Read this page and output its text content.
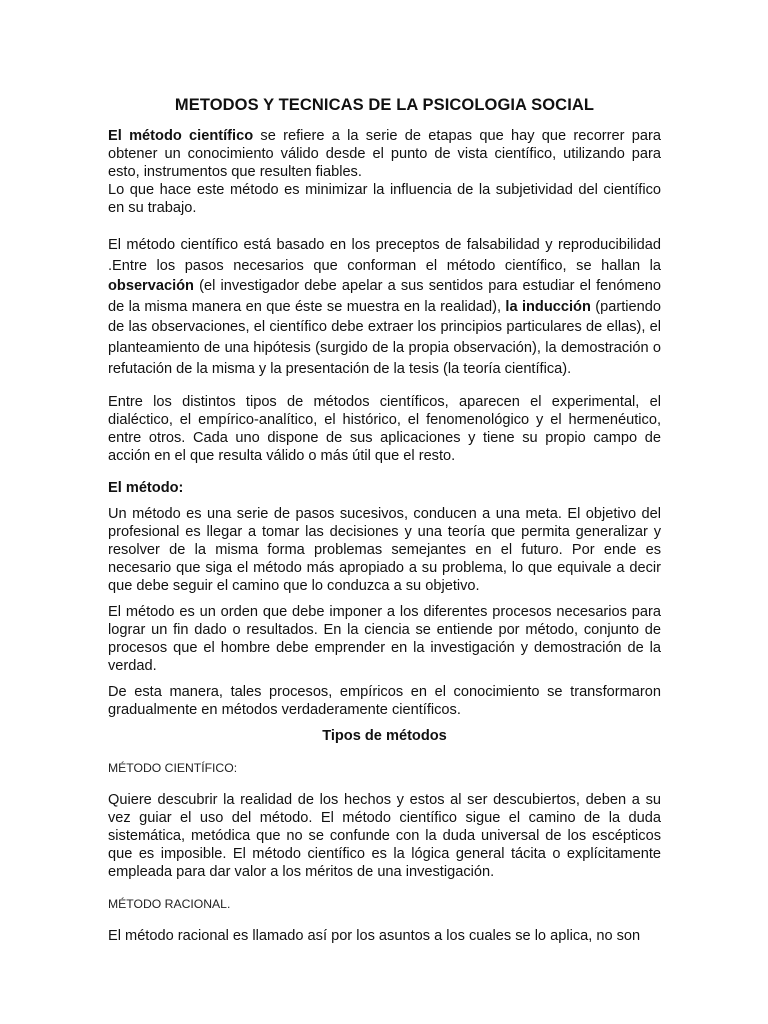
METODOS Y TECNICAS DE LA PSICOLOGIA SOCIAL

El método científico se refiere a la serie de etapas que hay que recorrer para obtener un conocimiento válido desde el punto de vista científico, utilizando para esto, instrumentos que resulten fiables.

Lo que hace este método es minimizar la influencia de la subjetividad del científico en su trabajo.

El método científico está basado en los preceptos de falsabilidad y reproducibilidad .Entre los pasos necesarios que conforman el método científico, se hallan la observación (el investigador debe apelar a sus sentidos para estudiar el fenómeno de la misma manera en que éste se muestra en la realidad), la inducción (partiendo de las observaciones, el científico debe extraer los principios particulares de ellas), el planteamiento de una hipótesis (surgido de la propia observación), la demostración o refutación de la misma y la presentación de la tesis (la teoría científica).

Entre los distintos tipos de métodos científicos, aparecen el experimental, el dialéctico, el empírico-analítico, el histórico, el fenomenológico y el hermenéutico, entre otros. Cada uno dispone de sus aplicaciones y tiene su propio campo de acción en el que resulta válido o más útil que el resto.

El método:

Un método es una serie de pasos sucesivos, conducen a una meta. El objetivo del profesional es llegar a tomar las decisiones y una teoría que permita generalizar y resolver de la misma forma problemas semejantes en el futuro. Por ende es necesario que siga el método más apropiado a su problema, lo que equivale a decir que debe seguir el camino que lo conduzca a su objetivo.

El método es un orden que debe imponer a los diferentes procesos necesarios para lograr un fin dado o resultados. En la ciencia se entiende por método, conjunto de procesos que el hombre debe emprender en la investigación y demostración de la verdad.

De esta manera, tales procesos, empíricos en el conocimiento se transformaron gradualmente en métodos verdaderamente científicos.

Tipos de métodos

MÉTODO CIENTÍFICO:

Quiere descubrir la realidad de los hechos y estos al ser descubiertos, deben a su vez guiar el uso del método. El método científico sigue el camino de la duda sistemática, metódica que no se confunde con la duda universal de los escépticos que es imposible. El método científico es la lógica general tácita o explícitamente empleada para dar valor a los méritos de una investigación.

MÉTODO RACIONAL.

El método racional es llamado así por los asuntos a los cuales se lo aplica, no son
